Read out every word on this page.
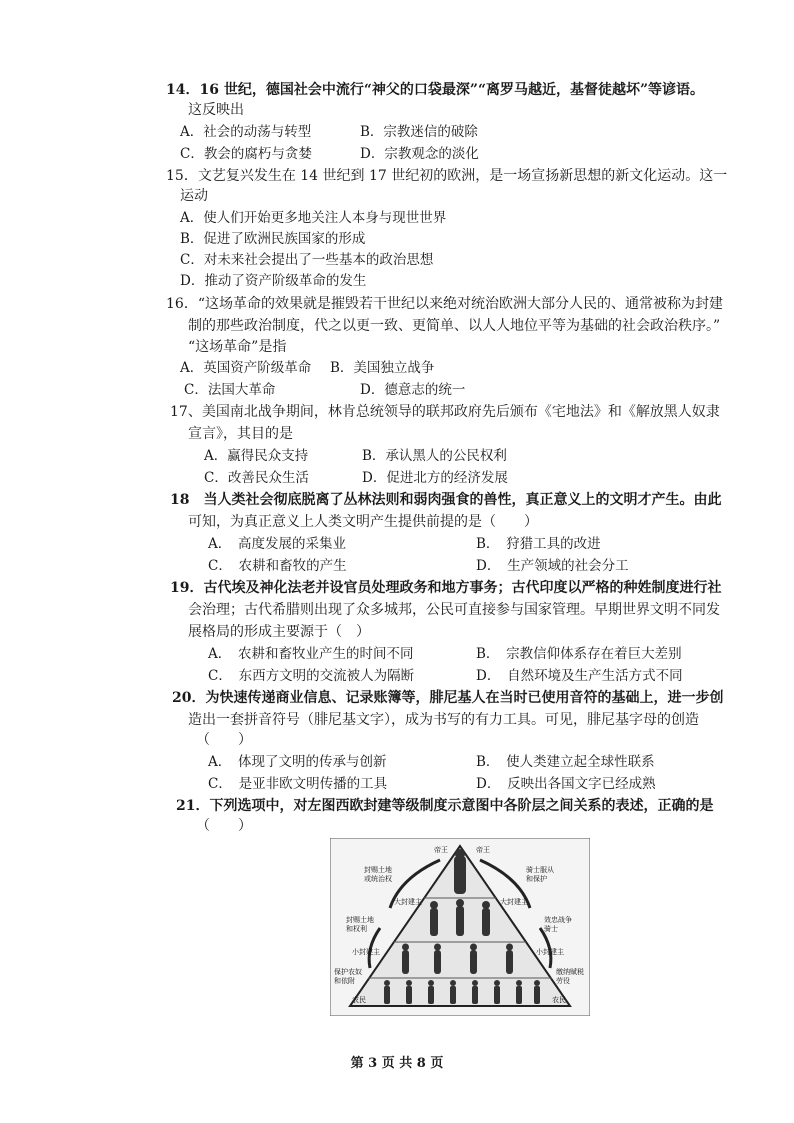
14．16 世纪，德国社会中流行“神父的口袋最深”“离罗马越近，基督徒越坏”等谚语。
这反映出
A．社会的动荡与转型	B．宗教迷信的破除
C．教会的腐朽与贪婪	D．宗教观念的淡化
15．文艺复兴发生在 14 世纪到 17 世纪初的欧洲，是一场宣扬新思想的新文化运动。这一
运动
A．使人们开始更多地关注人本身与现世世界
B．促进了欧洲民族国家的形成
C．对未来社会提出了一些基本的政治思想
D．推动了资产阶级革命的发生
16．“这场革命的效果就是摧毁若干世纪以来绝对统治欧洲大部分人民的、通常被称为封建
制的那些政治制度，代之以更一致、更简单、以人人地位平等为基础的社会政治秩序。”
“这场革命”是指
A．英国资产阶级革命 B．美国独立战争
C．法国大革命	D．德意志的统一
17、美国南北战争期间，林肯总统领导的联邦政府先后颁布《宅地法》和《解放黑人奴隶
宣言》，其目的是
A．赢得民众支持	B．承认黑人的公民权利
C．改善民众生活	D．促进北方的经济发展
18　当人类社会彻底脱离了丛林法则和弱肉强食的兽性，真正意义上的文明才产生。由此
可知，为真正意义上人类文明产生提供前提的是（　　）
A．　高度发展的采集业	B．　狩猎工具的改进
C．　农耕和畜牧的产生	D．　生产领域的社会分工
19．古代埃及神化法老并设官员处理政务和地方事务；古代印度以严格的种姓制度进行社
会治理；古代希腊则出现了众多城邦，公民可直接参与国家管理。早期世界文明不同发
展格局的形成主要源于（　）
A．　农耕和畜牧业产生的时间不同	B．　宗教信仰体系存在着巨大差别
C．　东西方文明的交流被人为隔断	D．　自然环境及生产生活方式不同
20．为快速传递商业信息、记录账簿等，腓尼基人在当时已使用音符的基础上，进一步创
造出一套拼音符号（腓尼基文字），成为书写的有力工具。可见，腓尼基字母的创造
（　　）
A．　体现了文明的传承与创新	B．　使人类建立起全球性联系
C．　是亚非欧文明传播的工具	D．　反映出各国文字已经成熟
21．下列选项中，对左图西欧封建等级制度示意图中各阶层之间关系的表述，正确的是
（　　）
帝王	帝王
封赐土地
或统治权
骑士服从
和保护
大封建主	大封建主
封赐土地
和权利
效忠战争
骑士
小封建主	小封建主
保护农奴
和依附
缴纳赋税
劳役
农民	农民
第 3 页 共 8 页
